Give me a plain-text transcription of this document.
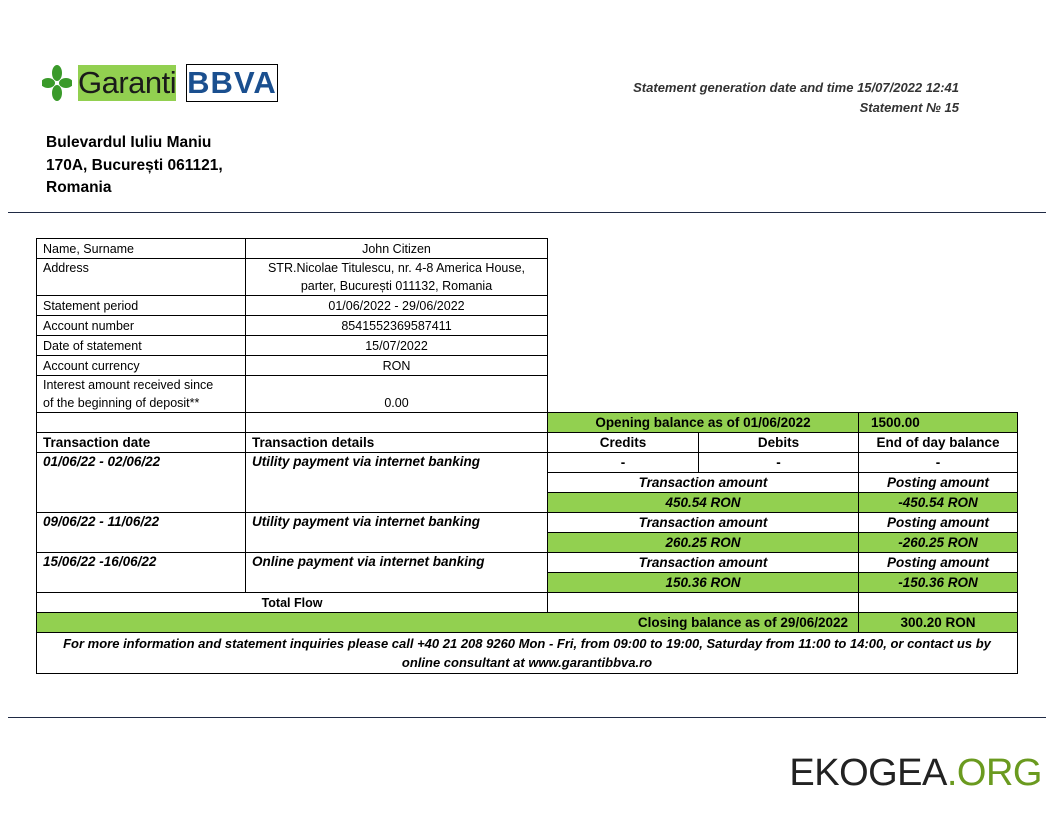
Garanti BBVA	Statement generation date and time 15/07/2022 12:41
Statement № 15
Bulevardul Iuliu Maniu
170A, București 061121,
Romania
Name, Surname	John Citizen			
Address	STR.Nicolae Titulescu, nr. 4-8 America House,
parter, București 011132, Romania			

Statement period	01/06/2022 - 29/06/2022			
Account number	8541552369587411			
Date of statement	15/07/2022			
Account currency	RON			

Interest amount received since
of the beginning of deposit**	0.00			
		Opening balance as of 01/06/2022		1500.00
Transaction date	Transaction details	Credits	Debits	End of day balance
01/06/22 - 02/06/22	Utility payment via internet banking	-	-	-
		Transaction amount		Posting amount
		450.54 RON		-450.54 RON
09/06/22 - 11/06/22	Utility payment via internet banking	Transaction amount		Posting amount
		260.25 RON		-260.25 RON
15/06/22 -16/06/22	Online payment via internet banking	Transaction amount		Posting amount
		150.36 RON		-150.36 RON
Total Flow				
Closing balance as of 29/06/2022				300.20 RON
For more information and statement inquiries please call +40 21 208 9260 Mon - Fri, from 09:00 to 19:00, Saturday from 11:00 to 14:00, or contact us by online consultant at www.garantibbva.ro				
EKOGEA.ORG
